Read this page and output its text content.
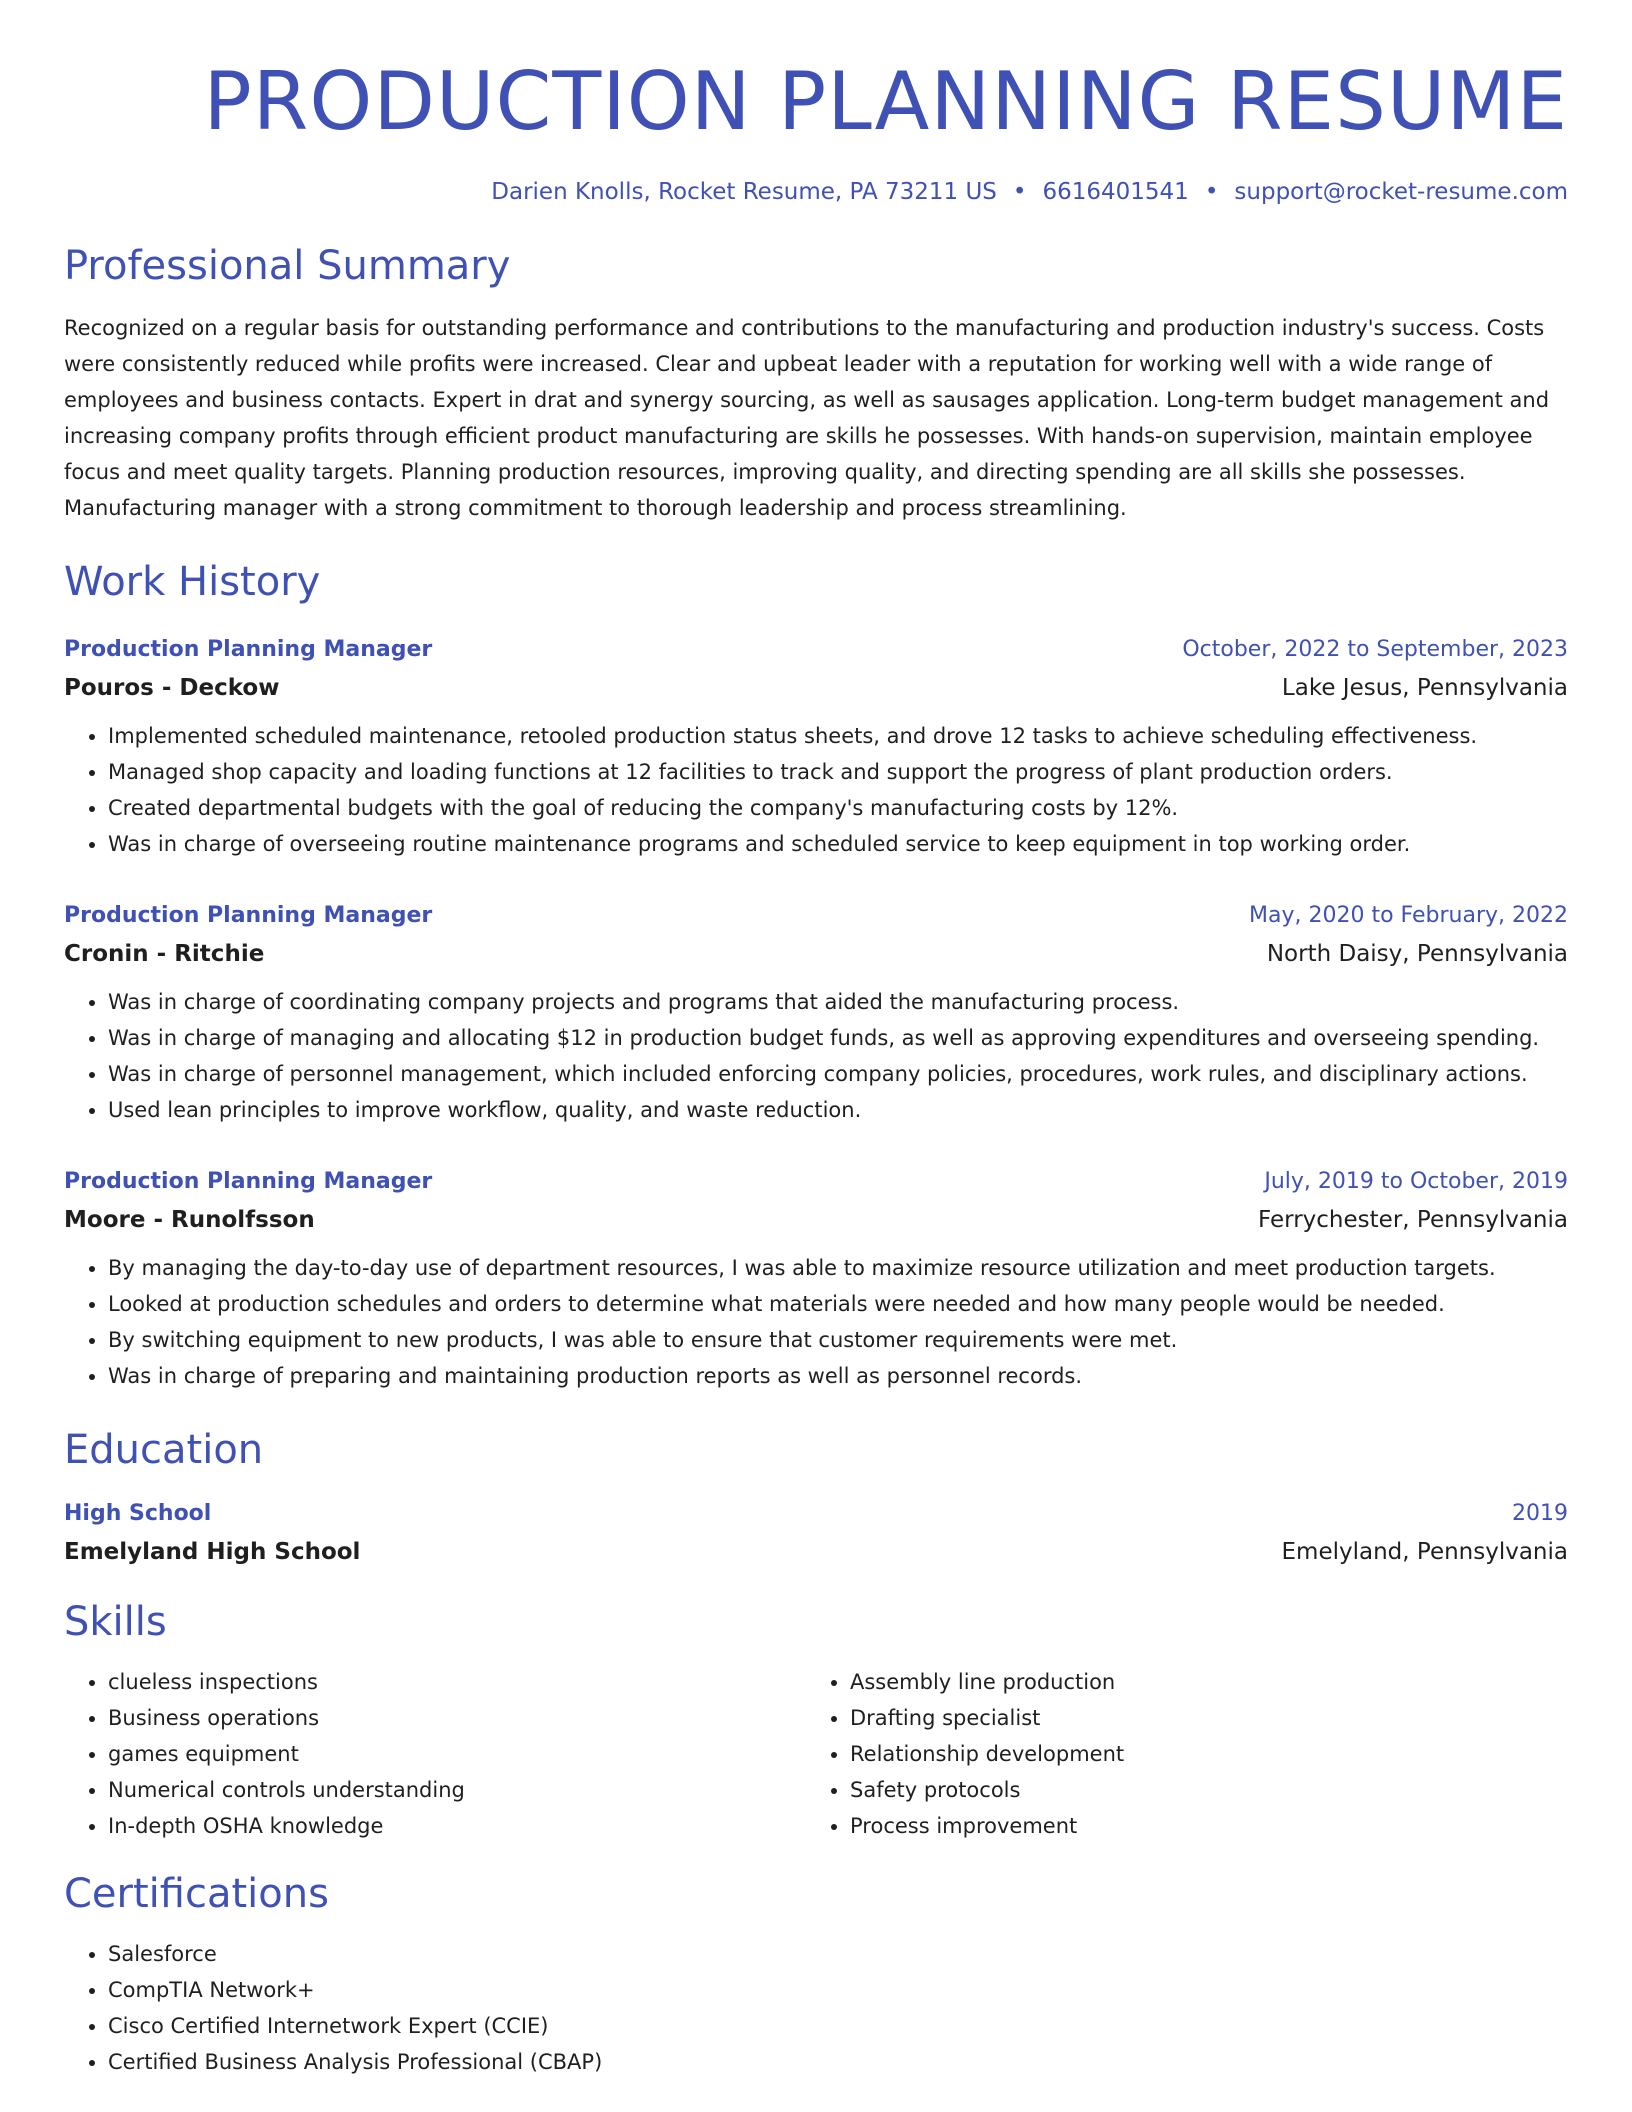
PRODUCTION PLANNING RESUME
Darien Knolls, Rocket Resume, PA 73211 US • 6616401541 • support@rocket-resume.com
Professional Summary

Recognized on a regular basis for outstanding performance and contributions to the manufacturing and production industry's success. Costs were consistently reduced while profits were increased. Clear and upbeat leader with a reputation for working well with a wide range of employees and business contacts. Expert in drat and synergy sourcing, as well as sausages application. Long-term budget management and increasing company profits through efficient product manufacturing are skills he possesses. With hands-on supervision, maintain employee focus and meet quality targets. Planning production resources, improving quality, and directing spending are all skills she possesses. Manufacturing manager with a strong commitment to thorough leadership and process streamlining.

Work History
Production Planning Manager	October, 2022 to September, 2023
Pouros - Deckow	Lake Jesus, Pennsylvania
• Implemented scheduled maintenance, retooled production status sheets, and drove 12 tasks to achieve scheduling effectiveness.
• Managed shop capacity and loading functions at 12 facilities to track and support the progress of plant production orders.
• Created departmental budgets with the goal of reducing the company's manufacturing costs by 12%.
• Was in charge of overseeing routine maintenance programs and scheduled service to keep equipment in top working order.
Production Planning Manager	May, 2020 to February, 2022
Cronin - Ritchie	North Daisy, Pennsylvania
• Was in charge of coordinating company projects and programs that aided the manufacturing process.
• Was in charge of managing and allocating $12 in production budget funds, as well as approving expenditures and overseeing spending.
• Was in charge of personnel management, which included enforcing company policies, procedures, work rules, and disciplinary actions.
• Used lean principles to improve workflow, quality, and waste reduction.
Production Planning Manager	July, 2019 to October, 2019
Moore - Runolfsson	Ferrychester, Pennsylvania
• By managing the day-to-day use of department resources, I was able to maximize resource utilization and meet production targets.
• Looked at production schedules and orders to determine what materials were needed and how many people would be needed.
• By switching equipment to new products, I was able to ensure that customer requirements were met.
• Was in charge of preparing and maintaining production reports as well as personnel records.
Education
High School	2019
Emelyland High School	Emelyland, Pennsylvania
Skills
• clueless inspections
• Business operations
• games equipment
• Numerical controls understanding
• In-depth OSHA knowledge
• Assembly line production
• Drafting specialist
• Relationship development
• Safety protocols
• Process improvement
Certifications
• Salesforce
• CompTIA Network+
• Cisco Certified Internetwork Expert (CCIE)
• Certified Business Analysis Professional (CBAP)
